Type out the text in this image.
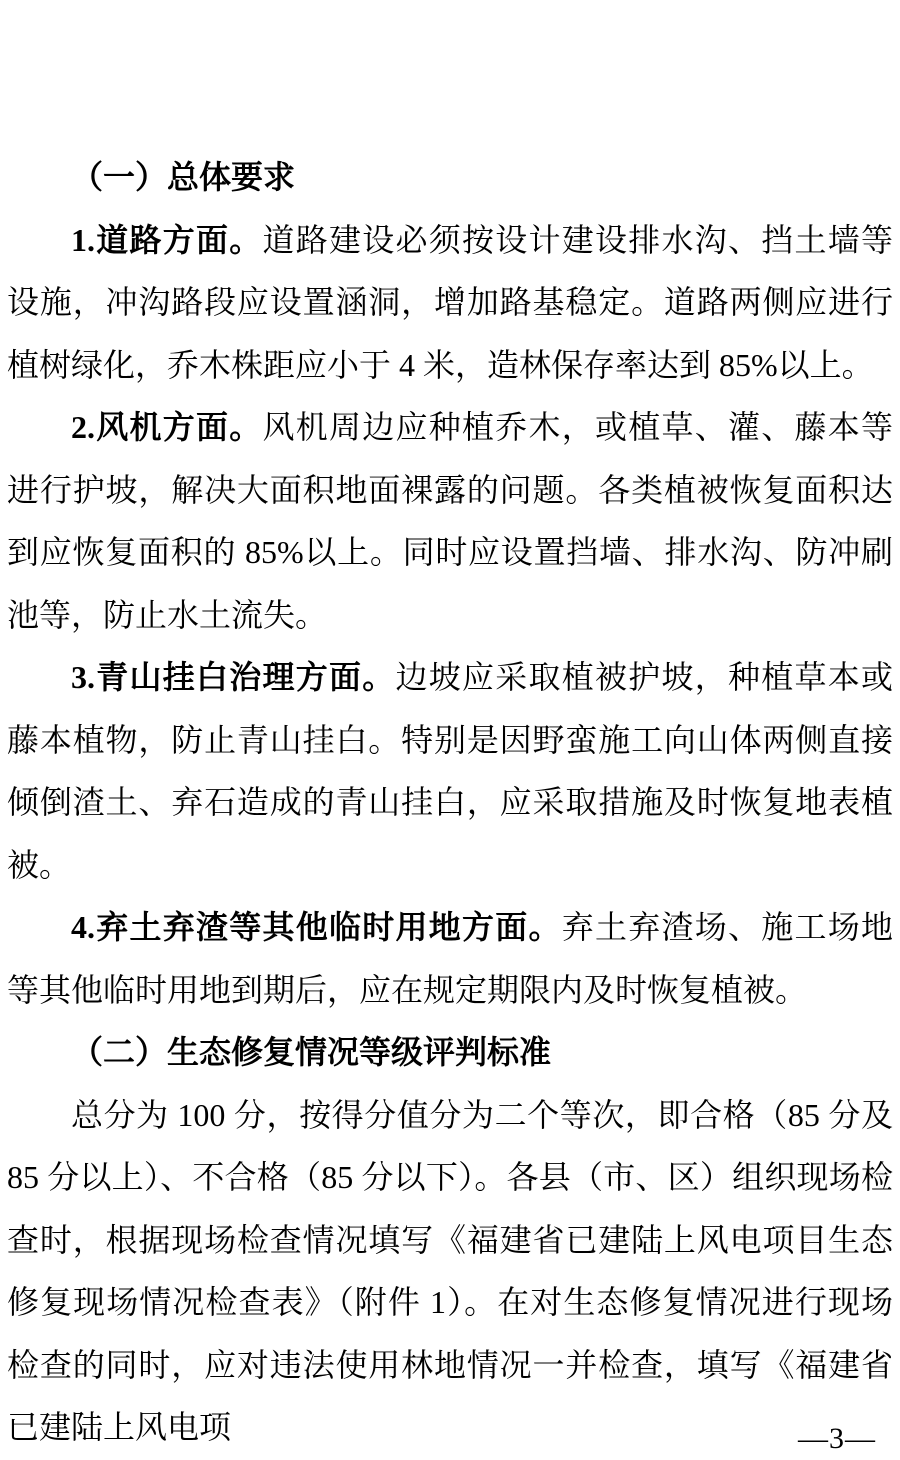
（一）总体要求
1.道路方面。道路建设必须按设计建设排水沟、挡土墙等设施，冲沟路段应设置涵洞，增加路基稳定。道路两侧应进行植树绿化，乔木株距应小于 4 米，造林保存率达到 85%以上。
2.风机方面。风机周边应种植乔木，或植草、灌、藤本等进行护坡，解决大面积地面裸露的问题。各类植被恢复面积达到应恢复面积的 85%以上。同时应设置挡墙、排水沟、防冲刷池等，防止水土流失。
3.青山挂白治理方面。边坡应采取植被护坡，种植草本或藤本植物，防止青山挂白。特别是因野蛮施工向山体两侧直接倾倒渣土、弃石造成的青山挂白，应采取措施及时恢复地表植被。
4.弃土弃渣等其他临时用地方面。弃土弃渣场、施工场地等其他临时用地到期后，应在规定期限内及时恢复植被。
（二）生态修复情况等级评判标准
总分为 100 分，按得分值分为二个等次，即合格（85 分及 85 分以上）、不合格（85 分以下）。各县（市、区）组织现场检查时，根据现场检查情况填写《福建省已建陆上风电项目生态修复现场情况检查表》（附件 1）。在对生态修复情况进行现场检查的同时，应对违法使用林地情况一并检查，填写《福建省已建陆上风电项	—3—
